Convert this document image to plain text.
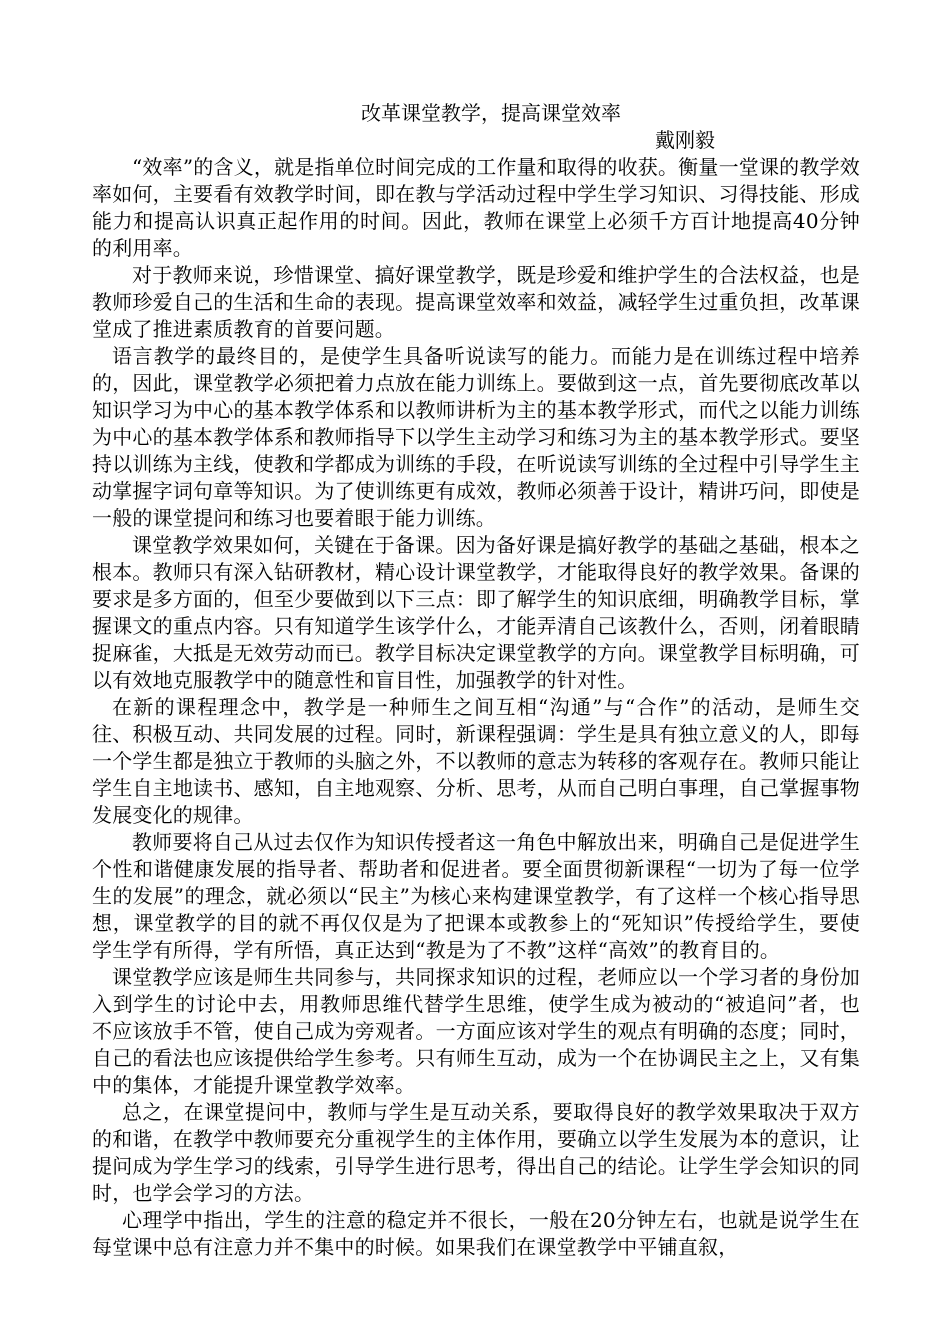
改革课堂教学，提高课堂效率

戴刚毅

“效率”的含义，就是指单位时间完成的工作量和取得的收获。衡量一堂课的教学效率如何，主要看有效教学时间，即在教与学活动过程中学生学习知识、习得技能、形成能力和提高认识真正起作用的时间。因此，教师在课堂上必须千方百计地提高40分钟的利用率。

对于教师来说，珍惜课堂、搞好课堂教学，既是珍爱和维护学生的合法权益，也是教师珍爱自己的生活和生命的表现。提高课堂效率和效益，减轻学生过重负担，改革课堂成了推进素质教育的首要问题。

语言教学的最终目的，是使学生具备听说读写的能力。而能力是在训练过程中培养的，因此，课堂教学必须把着力点放在能力训练上。要做到这一点，首先要彻底改革以知识学习为中心的基本教学体系和以教师讲析为主的基本教学形式，而代之以能力训练为中心的基本教学体系和教师指导下以学生主动学习和练习为主的基本教学形式。要坚持以训练为主线，使教和学都成为训练的手段，在听说读写训练的全过程中引导学生主动掌握字词句章等知识。为了使训练更有成效，教师必须善于设计，精讲巧问，即使是一般的课堂提问和练习也要着眼于能力训练。

课堂教学效果如何，关键在于备课。因为备好课是搞好教学的基础之基础，根本之根本。教师只有深入钻研教材，精心设计课堂教学，才能取得良好的教学效果。备课的要求是多方面的，但至少要做到以下三点：即了解学生的知识底细，明确教学目标，掌握课文的重点内容。只有知道学生该学什么，才能弄清自己该教什么，否则，闭着眼睛捉麻雀，大抵是无效劳动而已。教学目标决定课堂教学的方向。课堂教学目标明确，可以有效地克服教学中的随意性和盲目性，加强教学的针对性。

在新的课程理念中，教学是一种师生之间互相“沟通”与“合作”的活动，是师生交往、积极互动、共同发展的过程。同时，新课程强调：学生是具有独立意义的人，即每一个学生都是独立于教师的头脑之外，不以教师的意志为转移的客观存在。教师只能让学生自主地读书、感知，自主地观察、分析、思考，从而自己明白事理，自己掌握事物发展变化的规律。

教师要将自己从过去仅作为知识传授者这一角色中解放出来，明确自己是促进学生个性和谐健康发展的指导者、帮助者和促进者。要全面贯彻新课程“一切为了每一位学生的发展”的理念，就必须以“民主”为核心来构建课堂教学，有了这样一个核心指导思想，课堂教学的目的就不再仅仅是为了把课本或教参上的“死知识”传授给学生，要使学生学有所得，学有所悟，真正达到“教是为了不教”这样“高效”的教育目的。

课堂教学应该是师生共同参与，共同探求知识的过程，老师应以一个学习者的身份加入到学生的讨论中去，用教师思维代替学生思维，使学生成为被动的“被追问”者，也不应该放手不管，使自己成为旁观者。一方面应该对学生的观点有明确的态度；同时，自己的看法也应该提供给学生参考。只有师生互动，成为一个在协调民主之上，又有集中的集体，才能提升课堂教学效率。

总之，在课堂提问中，教师与学生是互动关系，要取得良好的教学效果取决于双方的和谐，在教学中教师要充分重视学生的主体作用，要确立以学生发展为本的意识，让提问成为学生学习的线索，引导学生进行思考，得出自己的结论。让学生学会知识的同时，也学会学习的方法。

心理学中指出，学生的注意的稳定并不很长，一般在20分钟左右，也就是说学生在每堂课中总有注意力并不集中的时候。如果我们在课堂教学中平铺直叙，
